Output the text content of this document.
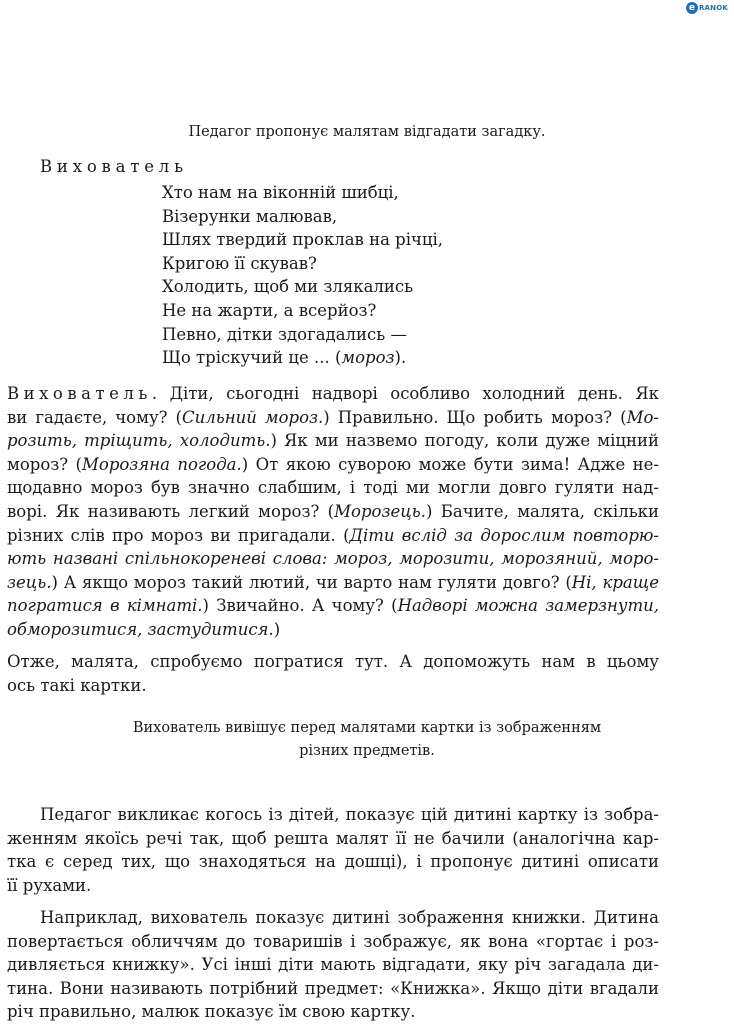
e RANOK
Педагог пропонує малятам відгадати загадку.
Вихователь
Хто нам на віконній шибці,
Візерунки малював,
Шлях твердий проклав на річці,
Кригою її скував?
Холодить, щоб ми злякались
Не на жарти, а всерйоз?
Певно, дітки здогадались —
Що тріскучий це ... (мороз).
Вихователь. Діти, сьогодні надворі особливо холодний день. Як
ви гадаєте, чому? (Сильний мороз.) Правильно. Що робить мороз? (Мо-
розить, тріщить, холодить.) Як ми назвемо погоду, коли дуже міцний
мороз? (Морозяна погода.) От якою суворою може бути зима! Адже не-
щодавно мороз був значно слабшим, і тоді ми могли довго гуляти над-
ворі. Як називають легкий мороз? (Морозець.) Бачите, малята, скільки
різних слів про мороз ви пригадали. (Діти вслід за дорослим повторю-
ють названі спільнокореневі слова: мороз, морозити, морозяний, моро-
зець.) А якщо мороз такий лютий, чи варто нам гуляти довго? (Ні, краще
погратися в кімнаті.) Звичайно. А чому? (Надворі можна замерзнути,
обморозитися, застудитися.)
Отже, малята, спробуємо погратися тут. А допоможуть нам в цьому
ось такі картки.
Вихователь вивішує перед малятами картки із зображенням
різних предметів.
Педагог викликає когось із дітей, показує цій дитині картку із зобра-
женням якоїсь речі так, щоб решта малят її не бачили (аналогічна кар-
тка є серед тих, що знаходяться на дошці), і пропонує дитині описати
її рухами.
Наприклад, вихователь показує дитині зображення книжки. Дитина
повертається обличчям до товаришів і зображує, як вона «гортає і роз-
дивляється книжку». Усі інші діти мають відгадати, яку річ загадала ди-
тина. Вони називають потрібний предмет: «Книжка». Якщо діти вгадали
річ правильно, малюк показує їм свою картку.
